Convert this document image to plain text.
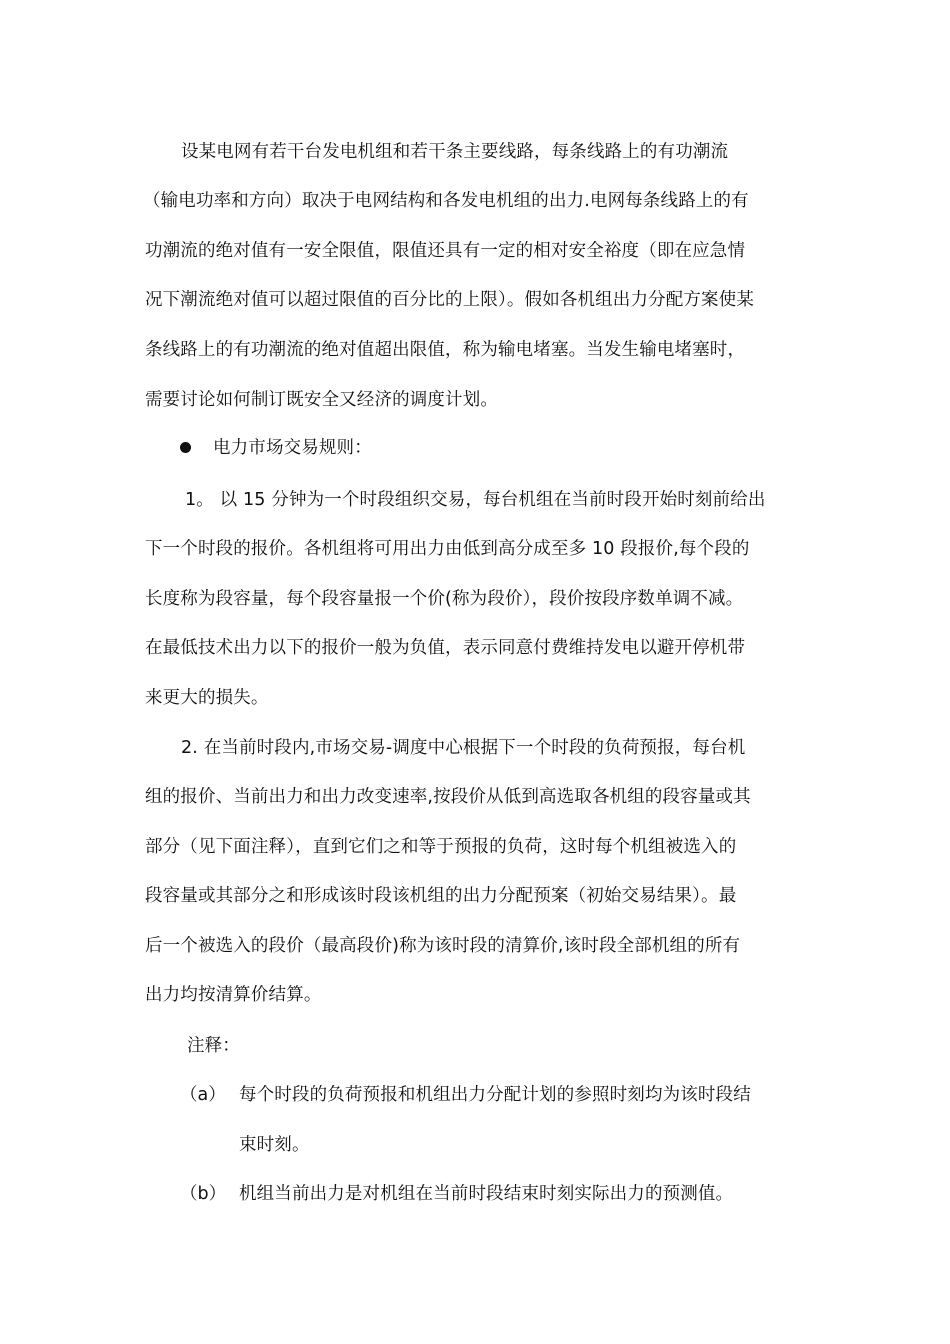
设某电网有若干台发电机组和若干条主要线路，每条线路上的有功潮流
（输电功率和方向）取决于电网结构和各发电机组的出力.电网每条线路上的有
功潮流的绝对值有一安全限值，限值还具有一定的相对安全裕度（即在应急情
况下潮流绝对值可以超过限值的百分比的上限）。假如各机组出力分配方案使某
条线路上的有功潮流的绝对值超出限值，称为输电堵塞。当发生输电堵塞时，
需要讨论如何制订既安全又经济的调度计划。
电力市场交易规则：
1。 以 15 分钟为一个时段组织交易，每台机组在当前时段开始时刻前给出
下一个时段的报价。各机组将可用出力由低到高分成至多 10 段报价,每个段的
长度称为段容量，每个段容量报一个价(称为段价），段价按段序数单调不减。
在最低技术出力以下的报价一般为负值，表示同意付费维持发电以避开停机带
来更大的损失。
2. 在当前时段内,市场交易-调度中心根据下一个时段的负荷预报，每台机
组的报价、当前出力和出力改变速率,按段价从低到高选取各机组的段容量或其
部分（见下面注释），直到它们之和等于预报的负荷，这时每个机组被选入的
段容量或其部分之和形成该时段该机组的出力分配预案（初始交易结果）。最
后一个被选入的段价（最高段价)称为该时段的清算价,该时段全部机组的所有
出力均按清算价结算。
注释：
（a） 每个时段的负荷预报和机组出力分配计划的参照时刻均为该时段结
束时刻。
（b） 机组当前出力是对机组在当前时段结束时刻实际出力的预测值。
